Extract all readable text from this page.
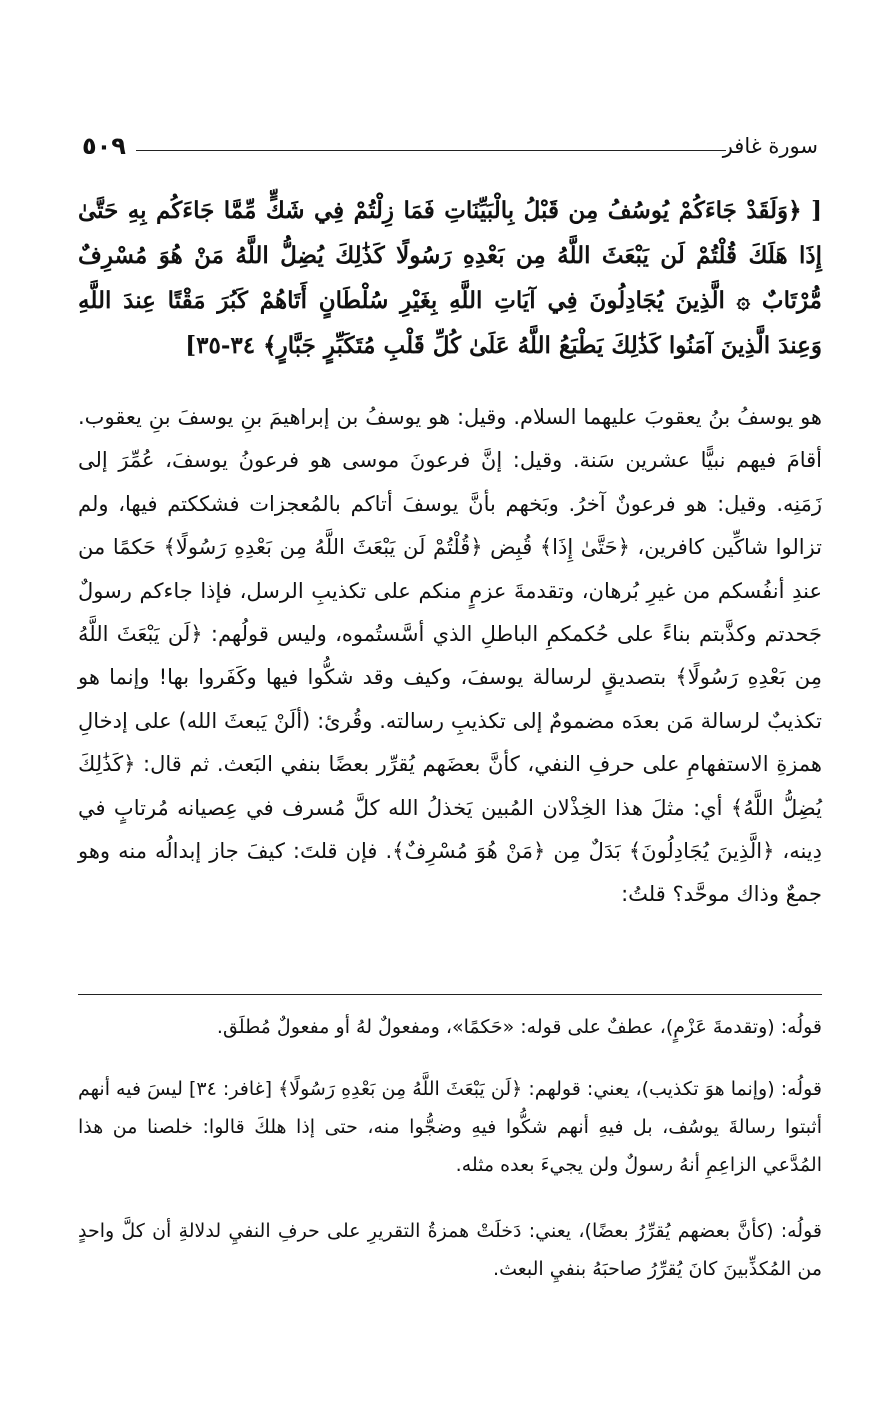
٥٠٩	سورة غافر
[ ﴿وَلَقَدْ جَاءَكُمْ يُوسُفُ مِن قَبْلُ بِالْبَيِّنَاتِ فَمَا زِلْتُمْ فِي شَكٍّ مِّمَّا جَاءَكُم بِهِ حَتَّىٰ إِذَا هَلَكَ قُلْتُمْ لَن يَبْعَثَ اللَّهُ مِن بَعْدِهِ رَسُولًا كَذَٰلِكَ يُضِلُّ اللَّهُ مَنْ هُوَ مُسْرِفٌ مُّرْتَابٌ ۞ الَّذِينَ يُجَادِلُونَ فِي آيَاتِ اللَّهِ بِغَيْرِ سُلْطَانٍ أَتَاهُمْ كَبُرَ مَقْتًا عِندَ اللَّهِ وَعِندَ الَّذِينَ آمَنُوا كَذَٰلِكَ يَطْبَعُ اللَّهُ عَلَىٰ كُلِّ قَلْبِ مُتَكَبِّرٍ جَبَّارٍ﴾ ٣٤-٣٥]
هو يوسفُ بنُ يعقوبَ عليهما السلام. وقيل: هو يوسفُ بن إبراهيمَ بنِ يوسفَ بنِ يعقوب. أقامَ فيهم نبيًّا عشرين سَنة. وقيل: إنَّ فرعونَ موسى هو فرعونُ يوسفَ، عُمِّرَ إلى زَمَنِه. وقيل: هو فرعونٌ آخرُ. وبَخهم بأنَّ يوسفَ أتاكم بالمُعجزات فشككتم فيها، ولم تزالوا شاكِّين كافرين، ﴿حَتَّىٰ إِذَا﴾ قُبِض ﴿قُلْتُمْ لَن يَبْعَثَ اللَّهُ مِن بَعْدِهِ رَسُولًا﴾ حَكمًا من عندِ أنفُسكم من غيرِ بُرهان، وتقدمةَ عزمٍ منكم على تكذيبِ الرسل، فإذا جاءكم رسولٌ جَحدتم وكذَّبتم بناءً على حُكمكمِ الباطلِ الذي أسَّستُموه، وليس قولُهم: ﴿لَن يَبْعَثَ اللَّهُ مِن بَعْدِهِ رَسُولًا﴾ بتصديقٍ لرسالة يوسفَ، وكيف وقد شكُّوا فيها وكَفَروا بها! وإنما هو تكذيبٌ لرسالة مَن بعدَه مضمومٌ إلى تكذيبِ رسالته. وقُرئ: (ألَنْ يَبعثَ الله) على إدخالِ همزةِ الاستفهامِ على حرفِ النفي، كأنَّ بعضَهم يُقرِّر بعضًا بنفي البَعث. ثم قال: ﴿كَذَٰلِكَ يُضِلُّ اللَّهُ﴾ أي: مثلَ هذا الخِذْلان المُبين يَخذلُ الله كلَّ مُسرف في عِصيانه مُرتابٍ في دِينه، ﴿الَّذِينَ يُجَادِلُونَ﴾ بَدَلٌ مِن ﴿مَنْ هُوَ مُسْرِفٌ﴾. فإن قلتَ: كيفَ جاز إبدالُه منه وهو جمعٌ وذاك موحَّد؟ قلتُ:
قولُه: (وتقدمةَ عَزْمٍ)، عطفٌ على قوله: «حَكمًا»، ومفعولٌ لهُ أو مفعولٌ مُطلَق.
قولُه: (وإنما هوَ تكذيب)، يعني: قولهم: ﴿لَن يَبْعَثَ اللَّهُ مِن بَعْدِهِ رَسُولًا﴾ [غافر: ٣٤] ليسَ فيه أنهم أثبتوا رسالةَ يوسُف، بل فيهِ أنهم شكُّوا فيهِ وضجُّوا منه، حتى إذا هلكَ قالوا: خلصنا من هذا المُدَّعي الزاعِمِ أنهُ رسولٌ ولن يجيءَ بعده مثله.
قولُه: (كأنَّ بعضهم يُقرِّرُ بعضًا)، يعني: دَخلَتْ همزةُ التقريرِ على حرفِ النفيِ لدلالةِ أن كلَّ واحدٍ من المُكذِّبينَ كانَ يُقرِّرُ صاحبَهُ بنفيِ البعث.
